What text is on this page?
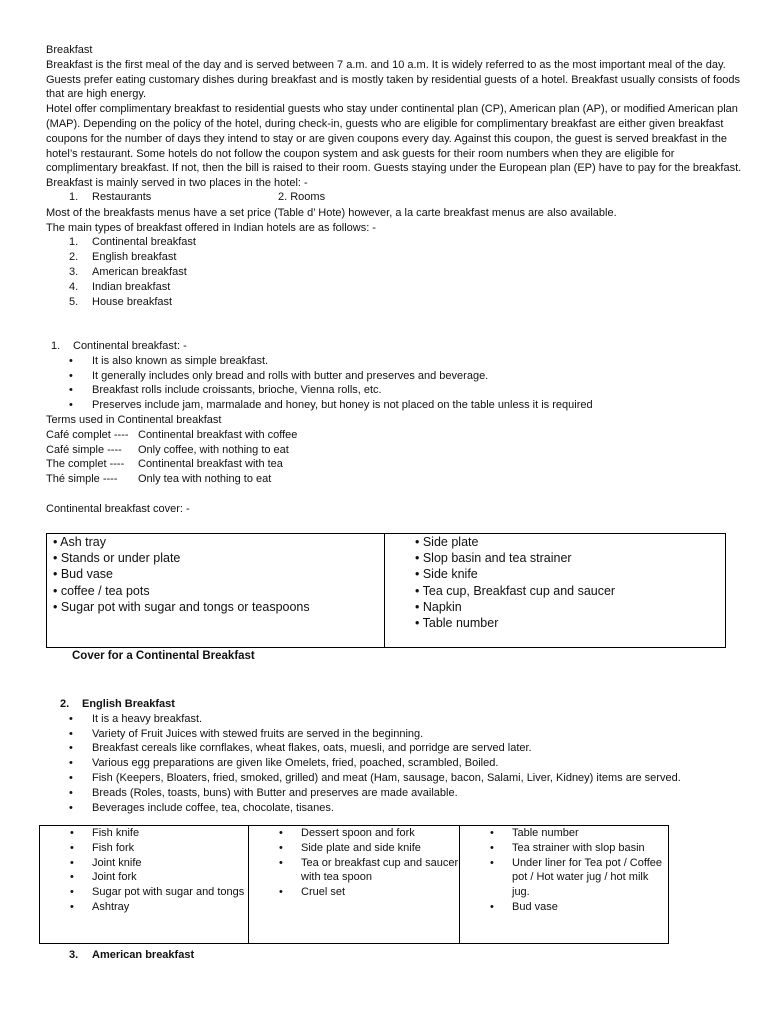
Breakfast

Breakfast is the first meal of the day and is served between 7 a.m. and 10 a.m. It is widely referred to as the most important meal of the day. Guests prefer eating customary dishes during breakfast and is mostly taken by residential guests of a hotel. Breakfast usually consists of foods that are high energy.

Hotel offer complimentary breakfast to residential guests who stay under continental plan (CP), American plan (AP), or modified American plan (MAP). Depending on the policy of the hotel, during check-in, guests who are eligible for complimentary breakfast are either given breakfast coupons for the number of days they intend to stay or are given coupons every day. Against this coupon, the guest is served breakfast in the hotel’s restaurant. Some hotels do not follow the coupon system and ask guests for their room numbers when they are eligible for complimentary breakfast. If not, then the bill is raised to their room. Guests staying under the European plan (EP) have to pay for the breakfast.

Breakfast is mainly served in two places in the hotel: -

1. Restaurants	2. Rooms

Most of the breakfasts menus have a set price (Table d’ Hote) however, a la carte breakfast menus are also available.

The main types of breakfast offered in Indian hotels are as follows: -

1. Continental breakfast
2. English breakfast
3. American breakfast
4. Indian breakfast
5. House breakfast
1. Continental breakfast: -
• It is also known as simple breakfast.
• It generally includes only bread and rolls with butter and preserves and beverage.
• Breakfast rolls include croissants, brioche, Vienna rolls, etc.
• Preserves include jam, marmalade and honey, but honey is not placed on the table unless it is required

Terms used in Continental breakfast

Café complet ---- Continental breakfast with coffee
Café simple ---- Only coffee, with nothing to eat
The complet ---- Continental breakfast with tea
Thé simple ---- Only tea with nothing to eat

Continental breakfast cover: -

• Ash tray
• Stands or under plate
• Bud vase
• coffee / tea pots
• Sugar pot with sugar and tongs or teaspoons

• Side plate
• Slop basin and tea strainer
• Side knife
• Tea cup, Breakfast cup and saucer
• Napkin
• Table number
Cover for a Continental Breakfast
2. English Breakfast
• It is a heavy breakfast.
• Variety of Fruit Juices with stewed fruits are served in the beginning.
• Breakfast cereals like cornflakes, wheat flakes, oats, muesli, and porridge are served later.
• Various egg preparations are given like Omelets, fried, poached, scrambled, Boiled.
• Fish (Keepers, Bloaters, fried, smoked, grilled) and meat (Ham, sausage, bacon, Salami, Liver, Kidney) items are served.
• Breads (Roles, toasts, buns) with Butter and preserves are made available.
• Beverages include coffee, tea, chocolate, tisanes.
• Fish knife
• Fish fork
• Joint knife
• Joint fork
• Sugar pot with sugar and tongs
• Ashtray

• Dessert spoon and fork
• Side plate and side knife
• Tea or breakfast cup and saucer with tea spoon
• Cruel set

• Table number
• Tea strainer with slop basin
• Under liner for Tea pot / Coffee pot / Hot water jug / hot milk jug.
• Bud vase
3. American breakfast
